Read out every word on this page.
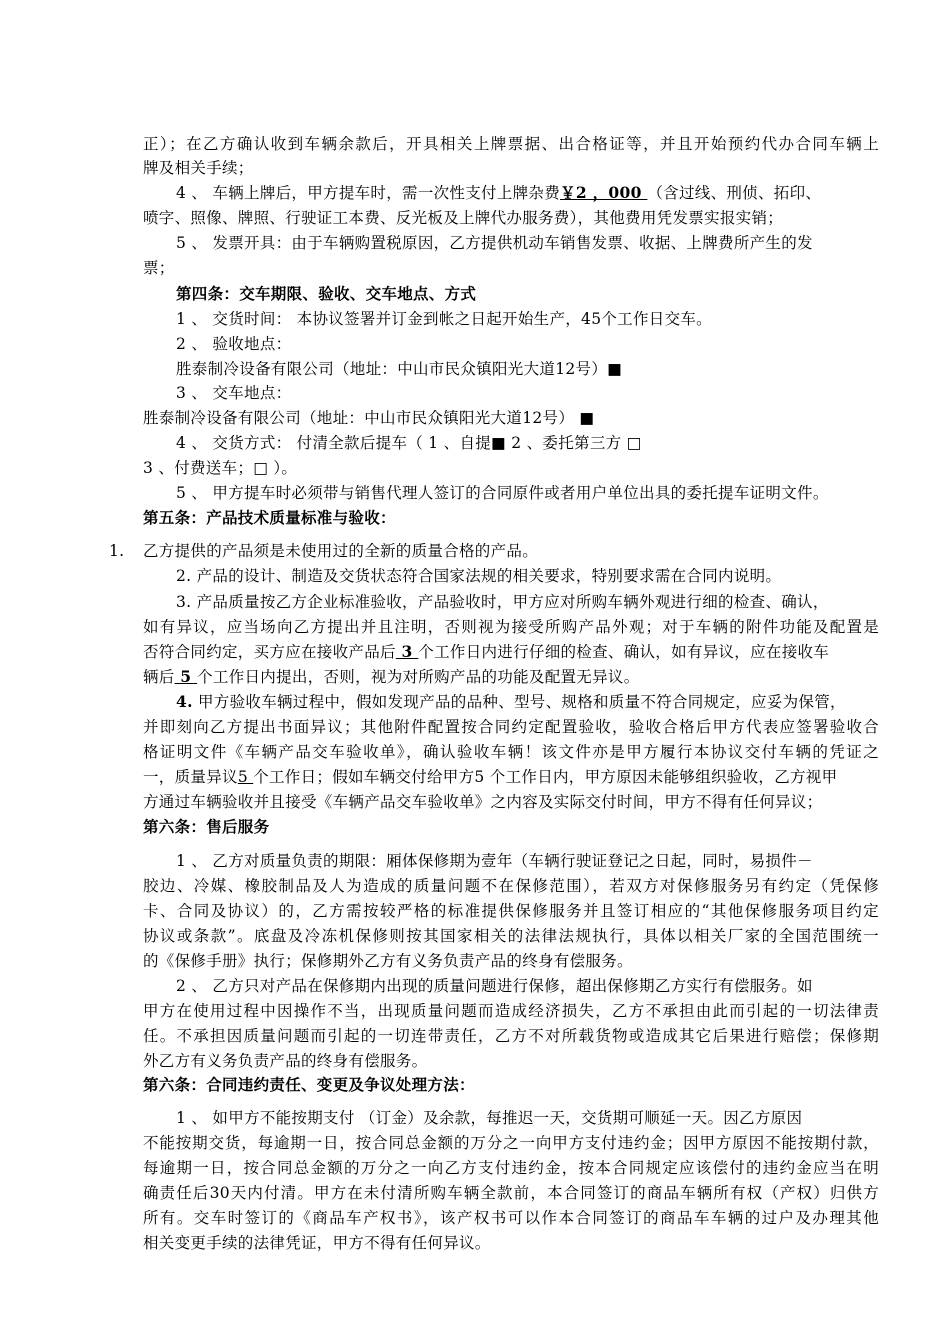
正）；在乙方确认收到车辆余款后，开具相关上牌票据、出合格证等，并且开始预约代办合同车辆上
牌及相关手续；
4 、 车辆上牌后，甲方提车时，需一次性支付上牌杂费￥2 ，000 （含过线、刑侦、拓印、
喷字、照像、牌照、行驶证工本费、反光板及上牌代办服务费），其他费用凭发票实报实销；
5 、 发票开具：由于车辆购置税原因，乙方提供机动车销售发票、收据、上牌费所产生的发
票；
第四条：交车期限、验收、交车地点、方式
1 、 交货时间： 本协议签署并订金到帐之日起开始生产，45个工作日交车。
2 、 验收地点：
胜泰制冷设备有限公司（地址：中山市民众镇阳光大道12号）■
3 、 交车地点：
胜泰制冷设备有限公司（地址：中山市民众镇阳光大道12号） ■
4 、 交货方式： 付清全款后提车（ 1 、自提■ 2 、委托第三方 □
3 、付费送车；□ ）。
5 、 甲方提车时必须带与销售代理人签订的合同原件或者用户单位出具的委托提车证明文件。
第五条：产品技术质量标准与验收：
1. 乙方提供的产品须是未使用过的全新的质量合格的产品。
2. 产品的设计、制造及交货状态符合国家法规的相关要求，特别要求需在合同内说明。
3. 产品质量按乙方企业标准验收，产品验收时，甲方应对所购车辆外观进行细的检查、确认，
如有异议，应当场向乙方提出并且注明，否则视为接受所购产品外观；对于车辆的附件功能及配置是
否符合同约定，买方应在接收产品后 3 个工作日内进行仔细的检查、确认，如有异议，应在接收车
辆后 5 个工作日内提出，否则，视为对所购产品的功能及配置无异议。
4. 甲方验收车辆过程中，假如发现产品的品种、型号、规格和质量不符合同规定，应妥为保管，
并即刻向乙方提出书面异议；其他附件配置按合同约定配置验收，验收合格后甲方代表应签署验收合
格证明文件《车辆产品交车验收单》，确认验收车辆！该文件亦是甲方履行本协议交付车辆的凭证之
一，质量异议5 个工作日；假如车辆交付给甲方5 个工作日内，甲方原因未能够组织验收，乙方视甲
方通过车辆验收并且接受《车辆产品交车验收单》之内容及实际交付时间，甲方不得有任何异议；
第六条：售后服务
1 、 乙方对质量负责的期限：厢体保修期为壹年（车辆行驶证登记之日起，同时，易损件－
胶边、冷媒、橡胶制品及人为造成的质量问题不在保修范围），若双方对保修服务另有约定（凭保修
卡、合同及协议）的，乙方需按较严格的标准提供保修服务并且签订相应的“其他保修服务项目约定
协议或条款”。底盘及冷冻机保修则按其国家相关的法律法规执行，具体以相关厂家的全国范围统一
的《保修手册》执行；保修期外乙方有义务负责产品的终身有偿服务。
2 、 乙方只对产品在保修期内出现的质量问题进行保修，超出保修期乙方实行有偿服务。如
甲方在使用过程中因操作不当，出现质量问题而造成经济损失，乙方不承担由此而引起的一切法律责
任。不承担因质量问题而引起的一切连带责任，乙方不对所载货物或造成其它后果进行赔偿；保修期
外乙方有义务负责产品的终身有偿服务。
第六条：合同违约责任、变更及争议处理方法：
1 、 如甲方不能按期支付 （订金）及余款，每推迟一天，交货期可顺延一天。因乙方原因
不能按期交货，每逾期一日，按合同总金额的万分之一向甲方支付违约金；因甲方原因不能按期付款，
每逾期一日，按合同总金额的万分之一向乙方支付违约金，按本合同规定应该偿付的违约金应当在明
确责任后30天内付清。甲方在未付清所购车辆全款前，本合同签订的商品车辆所有权（产权）归供方
所有。交车时签订的《商品车产权书》，该产权书可以作本合同签订的商品车车辆的过户及办理其他
相关变更手续的法律凭证，甲方不得有任何异议。
